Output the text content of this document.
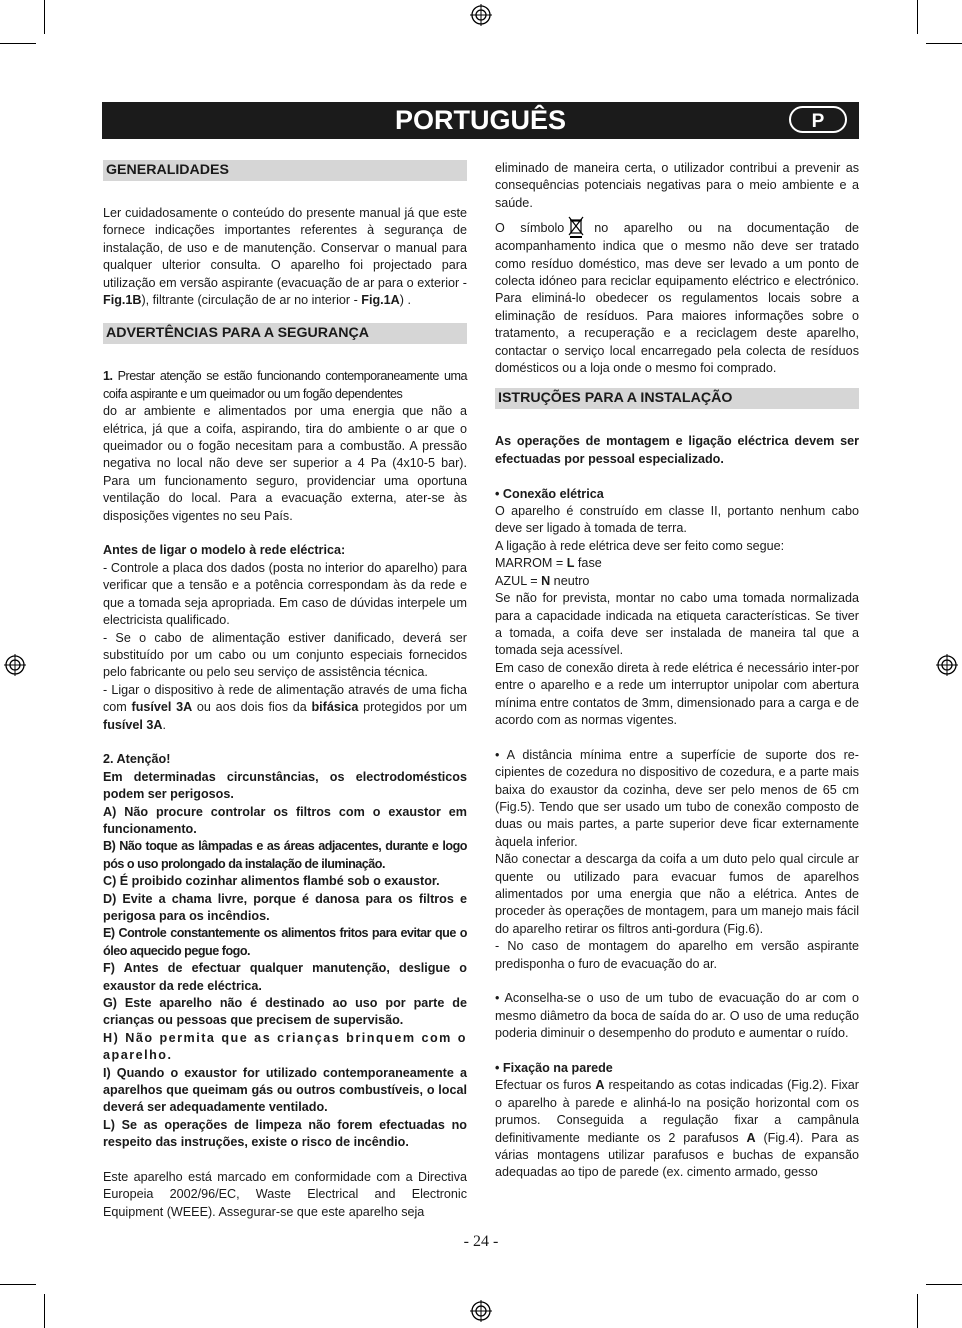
PORTUGUÊS	P
GENERALIDADES

Ler cuidadosamente o conteúdo do presente manual já que este fornece indicações importantes referentes à segurança de instalação, de uso e de manutenção. Conservar o manual para qualquer ulterior consulta. O aparelho foi projectado para utilização em versão aspirante (evacuação de ar para o exterior - Fig.1B), filtrante (circulação de ar no interior - Fig.1A) .

ADVERTÊNCIAS PARA A SEGURANÇA

1. Prestar atenção se estão funcionando contemporaneamente uma coifa aspirante e um queimador ou um fogão dependentes

do ar ambiente e alimentados por uma energia que não a elétrica, já que a coifa, aspirando, tira do ambiente o ar que o queimador ou o fogão necesitam para a combustão. A pressão negativa no local não deve ser superior a 4 Pa (4x10-5 bar). Para um funcionamento seguro, providenciar uma oportuna ventilação do local. Para a evacuação externa, ater-se às disposições vigentes no seu País.

Antes de ligar o modelo à rede eléctrica:

- Controle a placa dos dados (posta no interior do aparelho) para verificar que a tensão e a potência correspondam às da rede e que a tomada seja apropriada. Em caso de dúvidas interpele um electricista qualificado.

- Se o cabo de alimentação estiver danificado, deverá ser substituído por um cabo ou um conjunto especiais fornecidos pelo fabricante ou pelo seu serviço de assistência técnica.

- Ligar o dispositivo à rede de alimentação através de uma ficha com fusível 3A ou aos dois fios da bifásica protegidos por um fusível 3A.

2. Atenção!

Em determinadas circunstâncias, os electrodomésticos podem ser perigosos.

A) Não procure controlar os filtros com o exaustor em funcionamento.

B) Não toque as lâmpadas e as áreas adjacentes, durante e logo pós o uso prolongado da instalação de iluminação.

C) É proibido cozinhar alimentos flambé sob o exaustor.

D) Evite a chama livre, porque é danosa para os filtros e perigosa para os incêndios.

E) Controle constantemente os alimentos fritos para evitar que o óleo aquecido pegue fogo.

F) Antes de efectuar qualquer manutenção, desligue o exaustor da rede eléctrica.

G) Este aparelho não é destinado ao uso por parte de crianças ou pessoas que precisem de supervisão.

H) Não permita que as crianças brinquem com o aparelho.

I) Quando o exaustor for utilizado contemporaneamente a aparelhos que queimam gás ou outros combustíveis, o local deverá ser adequadamente ventilado.

L) Se as operações de limpeza não forem efectuadas no respeito das instruções, existe o risco de incêndio.

Este aparelho está marcado em conformidade com a Directiva Europeia 2002/96/EC, Waste Electrical and Electronic Equipment (WEEE). Assegurar-se que este aparelho seja

eliminado de maneira certa, o utilizador contribui a prevenir as consequências potenciais negativas para o meio ambiente e a saúde.

O símbolo no aparelho ou na documentação de acompanhamento indica que o mesmo não deve ser tratado como resíduo doméstico, mas deve ser levado a um ponto de colecta idóneo para reciclar equipamento eléctrico e electrónico. Para eliminá-lo obedecer os regulamentos locais sobre a eliminação de resíduos. Para maiores informações sobre o tratamento, a recuperação e a reciclagem deste aparelho, contactar o serviço local encarregado pela colecta de resíduos domésticos ou a loja onde o mesmo foi comprado.

ISTRUÇÕES PARA A INSTALAÇÃO

As operações de montagem e ligação eléctrica devem ser efectuadas por pessoal especializado.

• Conexão elétrica

O aparelho é construído em classe II, portanto nenhum cabo deve ser ligado à tomada de terra.

A ligação à rede elétrica deve ser feito como segue:

MARROM = L fase

AZUL = N neutro

Se não for prevista, montar no cabo uma tomada normalizada para a capacidade indicada na etiqueta características. Se tiver a tomada, a coifa deve ser instalada de maneira tal que a tomada seja acessível.

Em caso de conexão direta à rede elétrica é necessário inter-por entre o aparelho e a rede um interruptor unipolar com abertura mínima entre contatos de 3mm, dimensionado para a carga e de acordo com as normas vigentes.

• A distância mínima entre a superfície de suporte dos re-cipientes de cozedura no dispositivo de cozedura, e a parte mais baixa do exaustor da cozinha, deve ser pelo menos de 65 cm (Fig.5). Tendo que ser usado um tubo de conexão composto de duas ou mais partes, a parte superior deve ficar externamente àquela inferior.

Não conectar a descarga da coifa a um duto pelo qual circule ar quente ou utilizado para evacuar fumos de aparelhos alimentados por uma energia que não a elétrica. Antes de proceder às operações de montagem, para um manejo mais fácil do aparelho retirar os filtros anti-gordura (Fig.6).

- No caso de montagem do aparelho em versão aspirante predisponha o furo de evacuação do ar.

• Aconselha-se o uso de um tubo de evacuação do ar com o mesmo diâmetro da boca de saída do ar. O uso de uma redução poderia diminuir o desempenho do produto e aumentar o ruído.

• Fixação na parede

Efectuar os furos A respeitando as cotas indicadas (Fig.2). Fixar o aparelho à parede e alinhá-lo na posição horizontal com os prumos. Conseguida a regulação fixar a campânula definitivamente mediante os 2 parafusos A (Fig.4). Para as várias montagens utilizar parafusos e buchas de expansão adequadas ao tipo de parede (ex. cimento armado, gesso

- 24 -
